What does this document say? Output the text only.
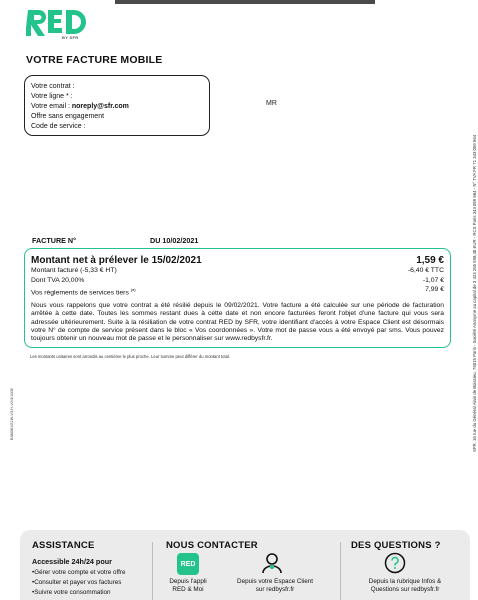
BY SFR
VOTRE FACTURE MOBILE
Votre contrat :
Votre ligne * :
Votre email : noreply@sfr.com
Offre sans engagement
Code de service :
MR
SFR, 16 rue du Général Alain de Boissieu, 75015 Paris - Société Anonyme au capital de 3 423 265 598,40 EUR - RCS Paris 343 059 564 - N° TVA FR 71 343 059 564
B3M0K4G1W-V3-H-V2/3/1008
FACTURE N°	DU 10/02/2021
Montant net à prélever le 15/02/2021	1,59 €
Montant facturé (-5,33 € HT)	-6,40 € TTC
Dont TVA 20,00%	-1,07 €
Vos règlements de services tiers $^{(a)}$	7,99 €
Nous vous rappelons que votre contrat a été résilié depuis le 09/02/2021. Votre facture a été calculée sur une période de facturation arrêtée à cette date. Toutes les sommes restant dues à cette date et non encore facturées feront l'objet d'une facture qui vous sera adressée ultérieurement. Suite à la résiliation de votre contrat RED by SFR, votre identifiant d'accès à votre Espace Client est désormais votre N° de compte de service présent dans le bloc « Vos coordonnées ». Votre mot de passe vous a été envoyé par sms. Vous pouvez toujours obtenir un nouveau mot de passe et le personnaliser sur www.redbysfr.fr.
Les montants unitaires sont arrondis au centième le plus proche. Leur somme peut différer du montant total.
ASSISTANCE	NOUS CONTACTER	DES QUESTIONS ?
Accessible 24h/24 pour
• Gérer votre compte et votre offre
• Consulter et payer vos factures
• Suivre votre consommation
RED
Depuis l'appli
RED & Moi
Depuis votre Espace Client
sur redbysfr.fr
Depuis la rubrique Infos &
Questions sur redbysfr.fr
